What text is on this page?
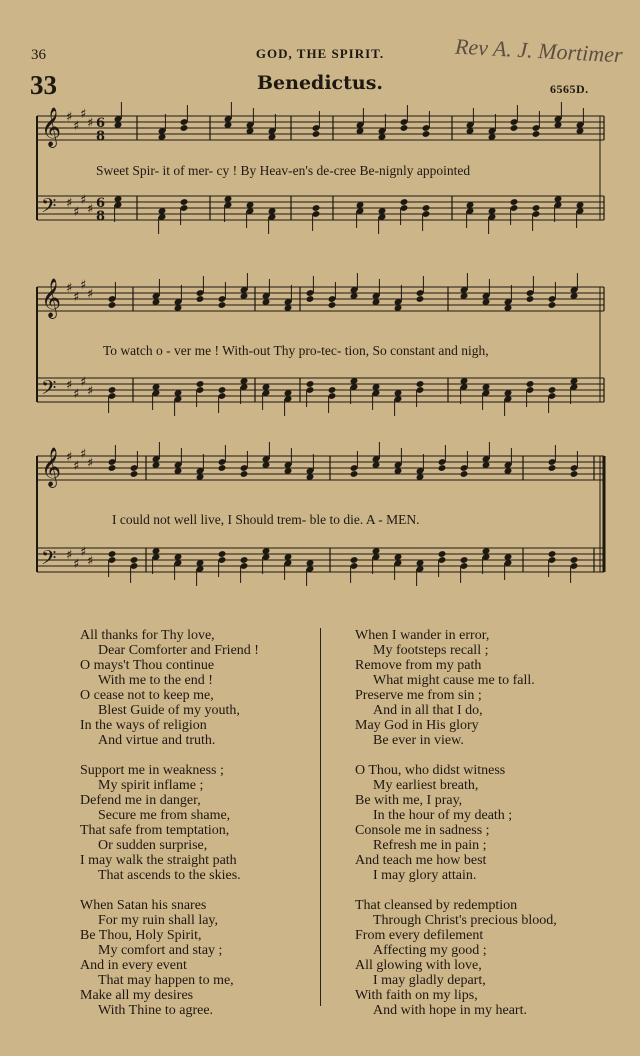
36	GOD, THE SPIRIT.	Rev A. J. Mortimer
33	Benedictus.	6565D.
𝄞 ♯
♯
♯
♯ 6
8
𝄢 ♯
♯
♯
♯ 6
8
𝄞 ♯
♯
♯
♯
𝄢 ♯
♯
♯
♯
𝄞 ♯
♯
♯
♯
𝄢 ♯
♯
♯
♯
Sweet Spir- it of mer- cy ! By Heav-en's de-cree Be-nignly appointed
To watch o - ver me ! With-out Thy pro-tec- tion, So constant and nigh,
I could not well live, I Should trem- ble to die. A - MEN.
All thanks for Thy love,
Dear Comforter and Friend !
O mays't Thou continue
With me to the end !
O cease not to keep me,
Blest Guide of my youth,
In the ways of religion
And virtue and truth.
Support me in weakness ;
My spirit inflame ;
Defend me in danger,
Secure me from shame,
That safe from temptation,
Or sudden surprise,
I may walk the straight path
That ascends to the skies.
When Satan his snares
For my ruin shall lay,
Be Thou, Holy Spirit,
My comfort and stay ;
And in every event
That may happen to me,
Make all my desires
With Thine to agree.
When I wander in error,
My footsteps recall ;
Remove from my path
What might cause me to fall.
Preserve me from sin ;
And in all that I do,
May God in His glory
Be ever in view.
O Thou, who didst witness
My earliest breath,
Be with me, I pray,
In the hour of my death ;
Console me in sadness ;
Refresh me in pain ;
And teach me how best
I may glory attain.
That cleansed by redemption
Through Christ's precious blood,
From every defilement
Affecting my good ;
All glowing with love,
I may gladly depart,
With faith on my lips,
And with hope in my heart.
